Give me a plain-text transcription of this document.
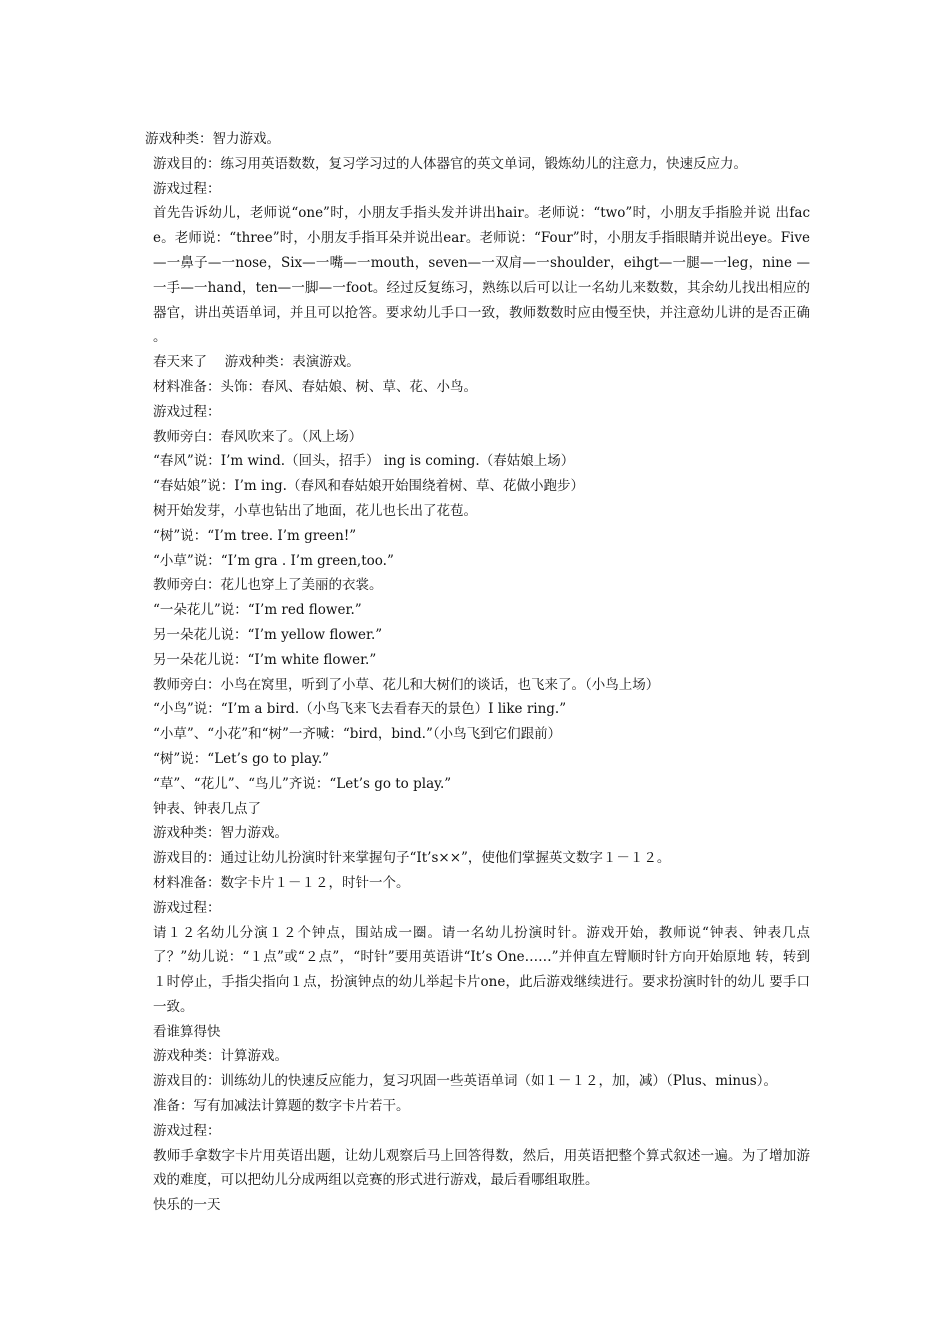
游戏种类：智力游戏。
游戏目的：练习用英语数数，复习学习过的人体器官的英文单词，锻炼幼儿的注意力，快速反应力。
游戏过程：
首先告诉幼儿，老师说“one”时，小朋友手指头发并讲出hair。老师说：“two”时，小朋友手指脸并说 出face。老师说：“three”时，小朋友手指耳朵并说出ear。老师说：“Four”时，小朋友手指眼睛并说出eye。Five—一鼻子—一nose，Six—一嘴—一mouth，seven—一双肩—一shoulder，eihgt—一腿—一leg，nine —一手—一hand，ten—一脚—一foot。经过反复练习，熟练以后可以让一名幼儿来数数，其余幼儿找出相应的 器官，讲出英语单词，并且可以抢答。要求幼儿手口一致，教师数数时应由慢至快，并注意幼儿讲的是否正确 。
春天来了　 游戏种类：表演游戏。
材料准备：头饰：春风、春姑娘、树、草、花、小鸟。
游戏过程：
教师旁白：春风吹来了。（风上场）
“春风”说：I’m wind.（回头，招手） ing is coming.（春姑娘上场）
“春姑娘”说：I’m ing.（春风和春姑娘开始围绕着树、草、花做小跑步）
树开始发芽，小草也钻出了地面，花儿也长出了花苞。
“树”说：“I’m tree. I’m green!”
“小草”说：“I’m gra . I’m green,too.”
教师旁白：花儿也穿上了美丽的衣裳。
“一朵花儿”说：“I’m red flower.”
另一朵花儿说：“I’m yellow flower.”
另一朵花儿说：“I’m white flower.”
教师旁白：小鸟在窝里，听到了小草、花儿和大树们的谈话，也飞来了。（小鸟上场）
“小鸟”说：“I’m a bird.（小鸟飞来飞去看春天的景色）I like ring.”
“小草”、“小花”和“树”一齐喊：“bird，bind.”（小鸟飞到它们跟前）
“树”说：“Let’s go to play.”
“草”、“花儿”、“鸟儿”齐说：“Let’s go to play.”
钟表、钟表几点了
游戏种类：智力游戏。
游戏目的：通过让幼儿扮演时针来掌握句子“It’s××”，使他们掌握英文数字１－１２。
材料准备：数字卡片１－１２，时针一个。
游戏过程：
请１２名幼儿分演１２个钟点，围站成一圈。请一名幼儿扮演时针。游戏开始，教师说“钟表、钟表几点了？”幼儿说：“１点”或“２点”，“时针”要用英语讲“It’s One……”并伸直左臂顺时针方向开始原地 转，转到１时停止，手指尖指向１点，扮演钟点的幼儿举起卡片one，此后游戏继续进行。要求扮演时针的幼儿 要手口一致。
看谁算得快
游戏种类：计算游戏。
游戏目的：训练幼儿的快速反应能力，复习巩固一些英语单词（如１－１２，加，减）（Plus、minus）。
准备：写有加减法计算题的数字卡片若干。
游戏过程：
教师手拿数字卡片用英语出题，让幼儿观察后马上回答得数，然后，用英语把整个算式叙述一遍。为了增加游戏的难度，可以把幼儿分成两组以竞赛的形式进行游戏，最后看哪组取胜。
快乐的一天
